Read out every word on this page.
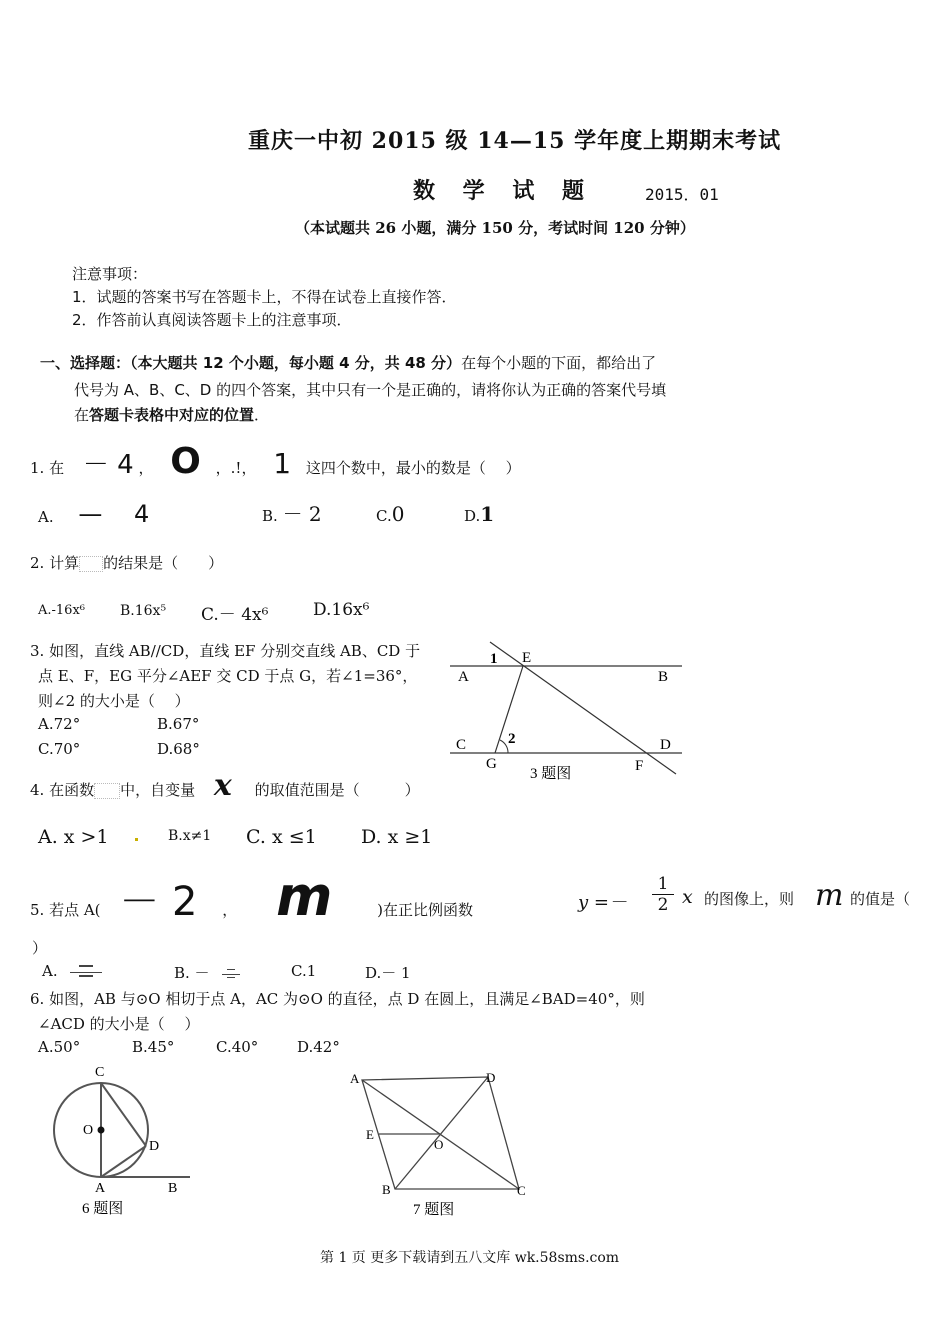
重庆一中初 2015 级 14—15 学年度上期期末考试
数 学 试 题	2015．01
（本试题共 26 小题，满分 150 分，考试时间 120 分钟）
注意事项：
1．试题的答案书写在答题卡上，不得在试卷上直接作答．
2．作答前认真阅读答题卡上的注意事项．
一、选择题：（本大题共 12 个小题，每小题 4 分，共 48 分）在每个小题的下面，都给出了
代号为 A、B、C、D 的四个答案，其中只有一个是正确的，请将你认为正确的答案代号填
在答题卡表格中对应的位置．
1. 在 － 4 ， O ，.!， 1 这四个数中，最小的数是（　 ）
A. —　 4	B. － 2	C.0	D.1
2. 计算 的结果是（　　）
A.-16x⁶	B.16x⁵ C.－ 4x⁶	D.16x⁶
3. 如图，直线 AB//CD，直线 EF 分别交直线 AB、CD 于
点 E、F，EG 平分∠AEF 交 CD 于点 G，若∠1=36°，
则∠2 的大小是（　 ）
A.72°	B.67°
C.70°	D.68°
1 E
A	B
C	2	D
G	F
3 题图
4. 在函数 中，自变量 x 的取值范围是（　　　）
A. x >1	B.x≠1 C. x ≤1 D. x ≥1
5. 若点 A( － 2 ， m	)在正比例函数	y =－
1
2 x 的图像上，则 m 的值是（
）
A.	B. －	C.1	D.－ 1
6. 如图，AB 与⊙O 相切于点 A，AC 为⊙O 的直径，点 D 在圆上，且满足∠BAD=40°，则
∠ACD 的大小是（　 ）
A.50°	B.45°	C.40°	D.42°
C
O
D
A	B
6 题图
A	D
E
O
B	C
7 题图
第 1 页 更多下载请到五八文库 wk.58sms.com
